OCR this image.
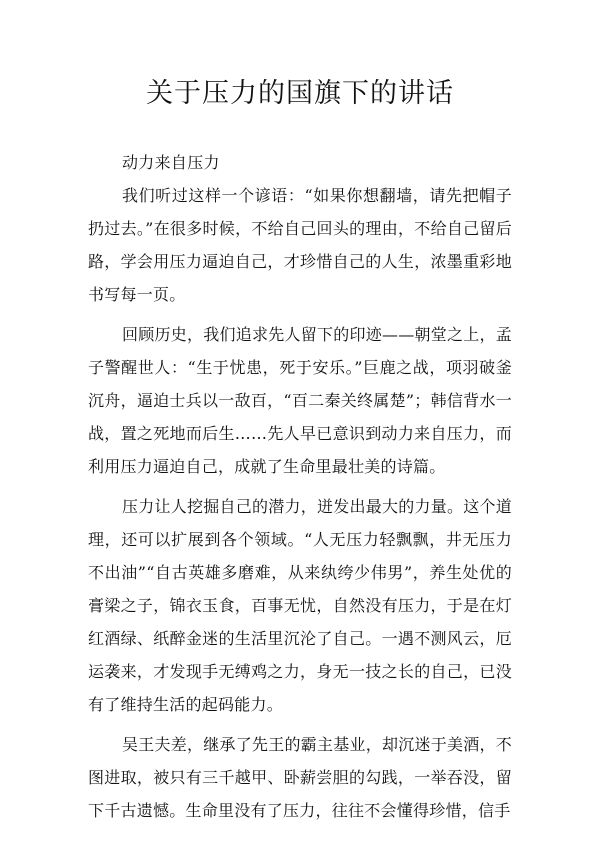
关于压力的国旗下的讲话

动力来自压力

我们听过这样一个谚语：“如果你想翻墙，请先把帽子扔过去。”在很多时候，不给自己回头的理由，不给自己留后路，学会用压力逼迫自己，才珍惜自己的人生，浓墨重彩地书写每一页。

回顾历史，我们追求先人留下的印迹——朝堂之上，孟子警醒世人：“生于忧患，死于安乐。”巨鹿之战，项羽破釜沉舟，逼迫士兵以一敌百，“百二秦关终属楚”；韩信背水一战，置之死地而后生……先人早已意识到动力来自压力，而利用压力逼迫自己，成就了生命里最壮美的诗篇。

压力让人挖掘自己的潜力，迸发出最大的力量。这个道理，还可以扩展到各个领域。“人无压力轻飘飘，井无压力不出油”“自古英雄多磨难，从来纨绔少伟男”，养生处优的膏梁之子，锦衣玉食，百事无忧，自然没有压力，于是在灯红酒绿、纸醉金迷的生活里沉沦了自己。一遇不测风云，厄运袭来，才发现手无缚鸡之力，身无一技之长的自己，已没有了维持生活的起码能力。

吴王夫差，继承了先王的霸主基业，却沉迷于美酒，不图进取，被只有三千越甲、卧薪尝胆的勾践，一举吞没，留下千古遗憾。生命里没有了压力，往往不会懂得珍惜，信手
